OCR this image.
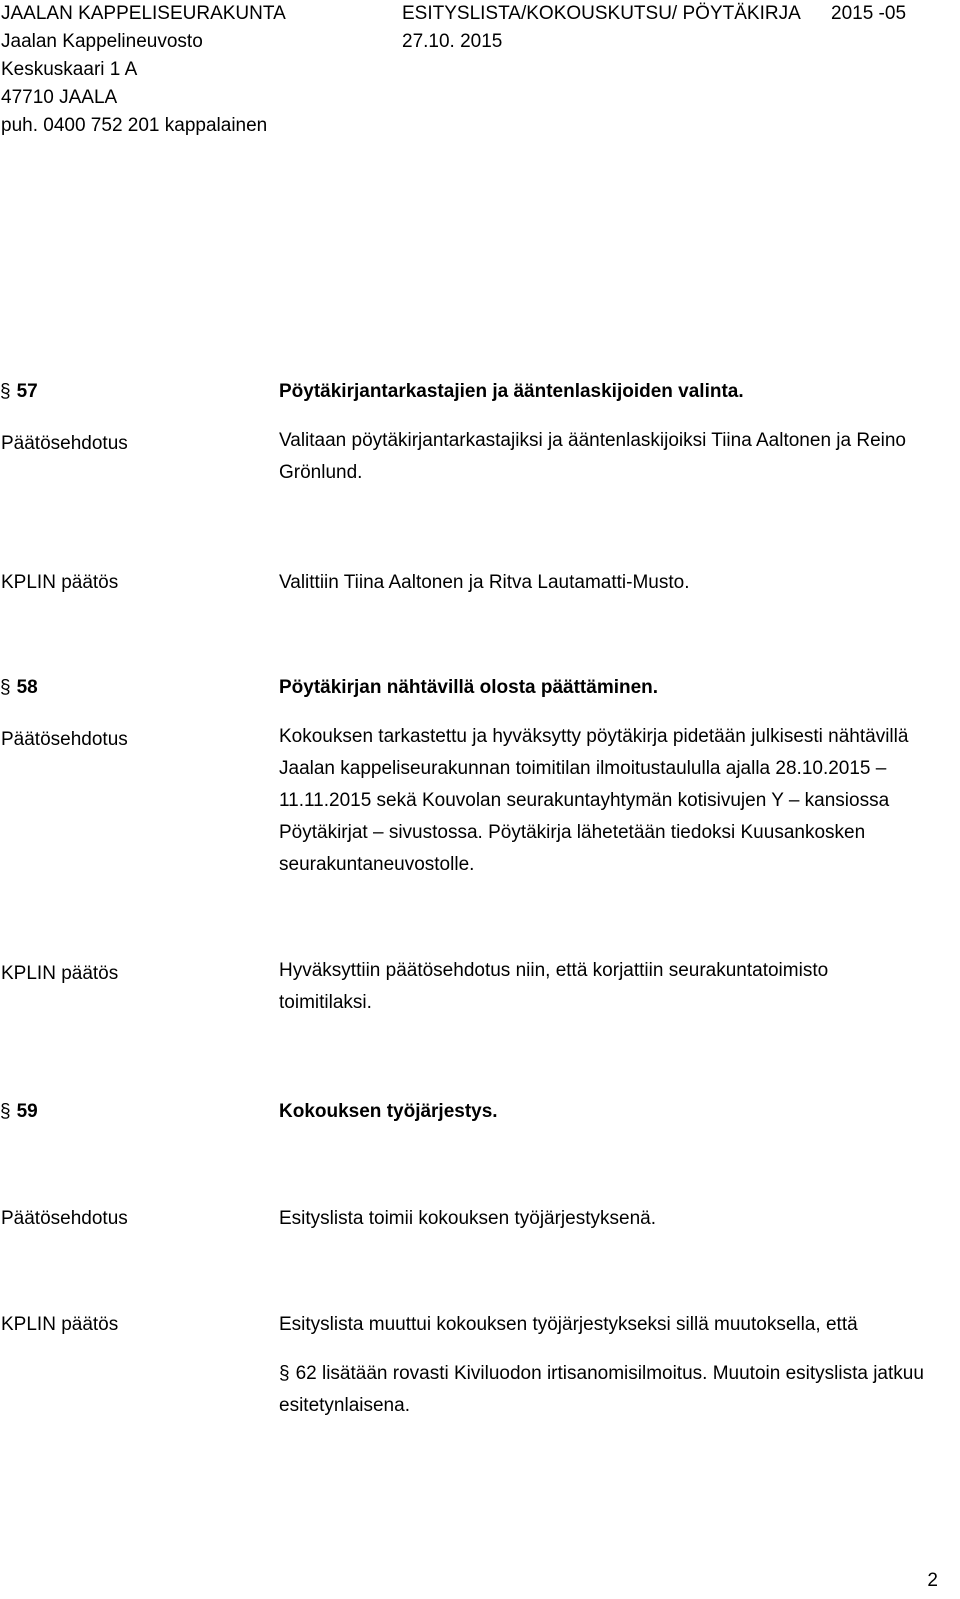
JAALAN KAPPELISEURAKUNTA	ESITYSLISTA/KOKOUSKUTSU/ PÖYTÄKIRJA 2015 -05
Jaalan Kappelineuvosto	27.10. 2015
Keskuskaari 1 A
47710 JAALA
puh. 0400 752 201 kappalainen
§ 57	Pöytäkirjantarkastajien ja ääntenlaskijoiden valinta.
Päätösehdotus	Valitaan pöytäkirjantarkastajiksi ja ääntenlaskijoiksi Tiina Aaltonen ja Reino Grönlund.
KPLIN päätös	Valittiin Tiina Aaltonen ja Ritva Lautamatti-Musto.
§ 58	Pöytäkirjan nähtävillä olosta päättäminen.
Päätösehdotus	Kokouksen tarkastettu ja hyväksytty pöytäkirja pidetään julkisesti nähtävillä Jaalan kappeliseurakunnan toimitilan ilmoitustaululla ajalla 28.10.2015 – 11.11.2015 sekä Kouvolan seurakuntayhtymän kotisivujen Y – kansiossa Pöytäkirjat – sivustossa. Pöytäkirja lähetetään tiedoksi Kuusankosken seurakuntaneuvostolle.
KPLIN päätös	Hyväksyttiin päätösehdotus niin, että korjattiin seurakuntatoimisto toimitilaksi.
§ 59	Kokouksen työjärjestys.
Päätösehdotus	Esityslista toimii kokouksen työjärjestyksenä.
KPLIN päätös	Esityslista muuttui kokouksen työjärjestykseksi sillä muutoksella, että
§ 62 lisätään rovasti Kiviluodon irtisanomisilmoitus. Muutoin esityslista jatkuu esitetynlaisena.
2
